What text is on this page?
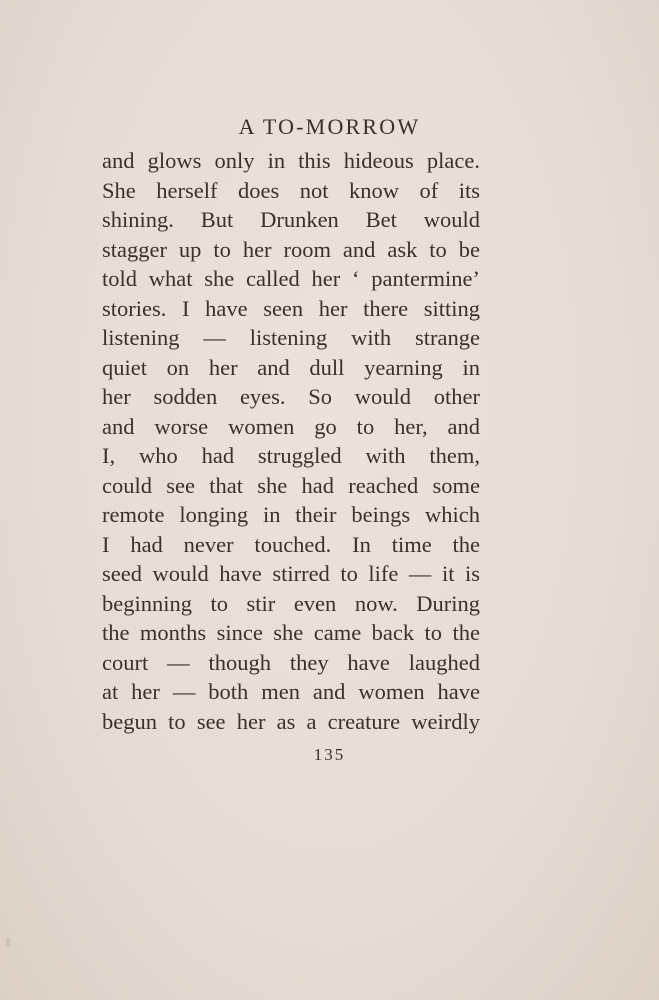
A TO-MORROW
and glows only in this hideous place.
She herself does not know of its
shining. But Drunken Bet would
stagger up to her room and ask to be
told what she called her ‘ pantermine’
stories. I have seen her there sitting
listening — listening with strange
quiet on her and dull yearning in
her sodden eyes. So would other
and worse women go to her, and
I, who had struggled with them,
could see that she had reached some
remote longing in their beings which
I had never touched. In time the
seed would have stirred to life — it is
beginning to stir even now. During
the months since she came back to the
court — though they have laughed
at her — both men and women have
begun to see her as a creature weirdly
135
